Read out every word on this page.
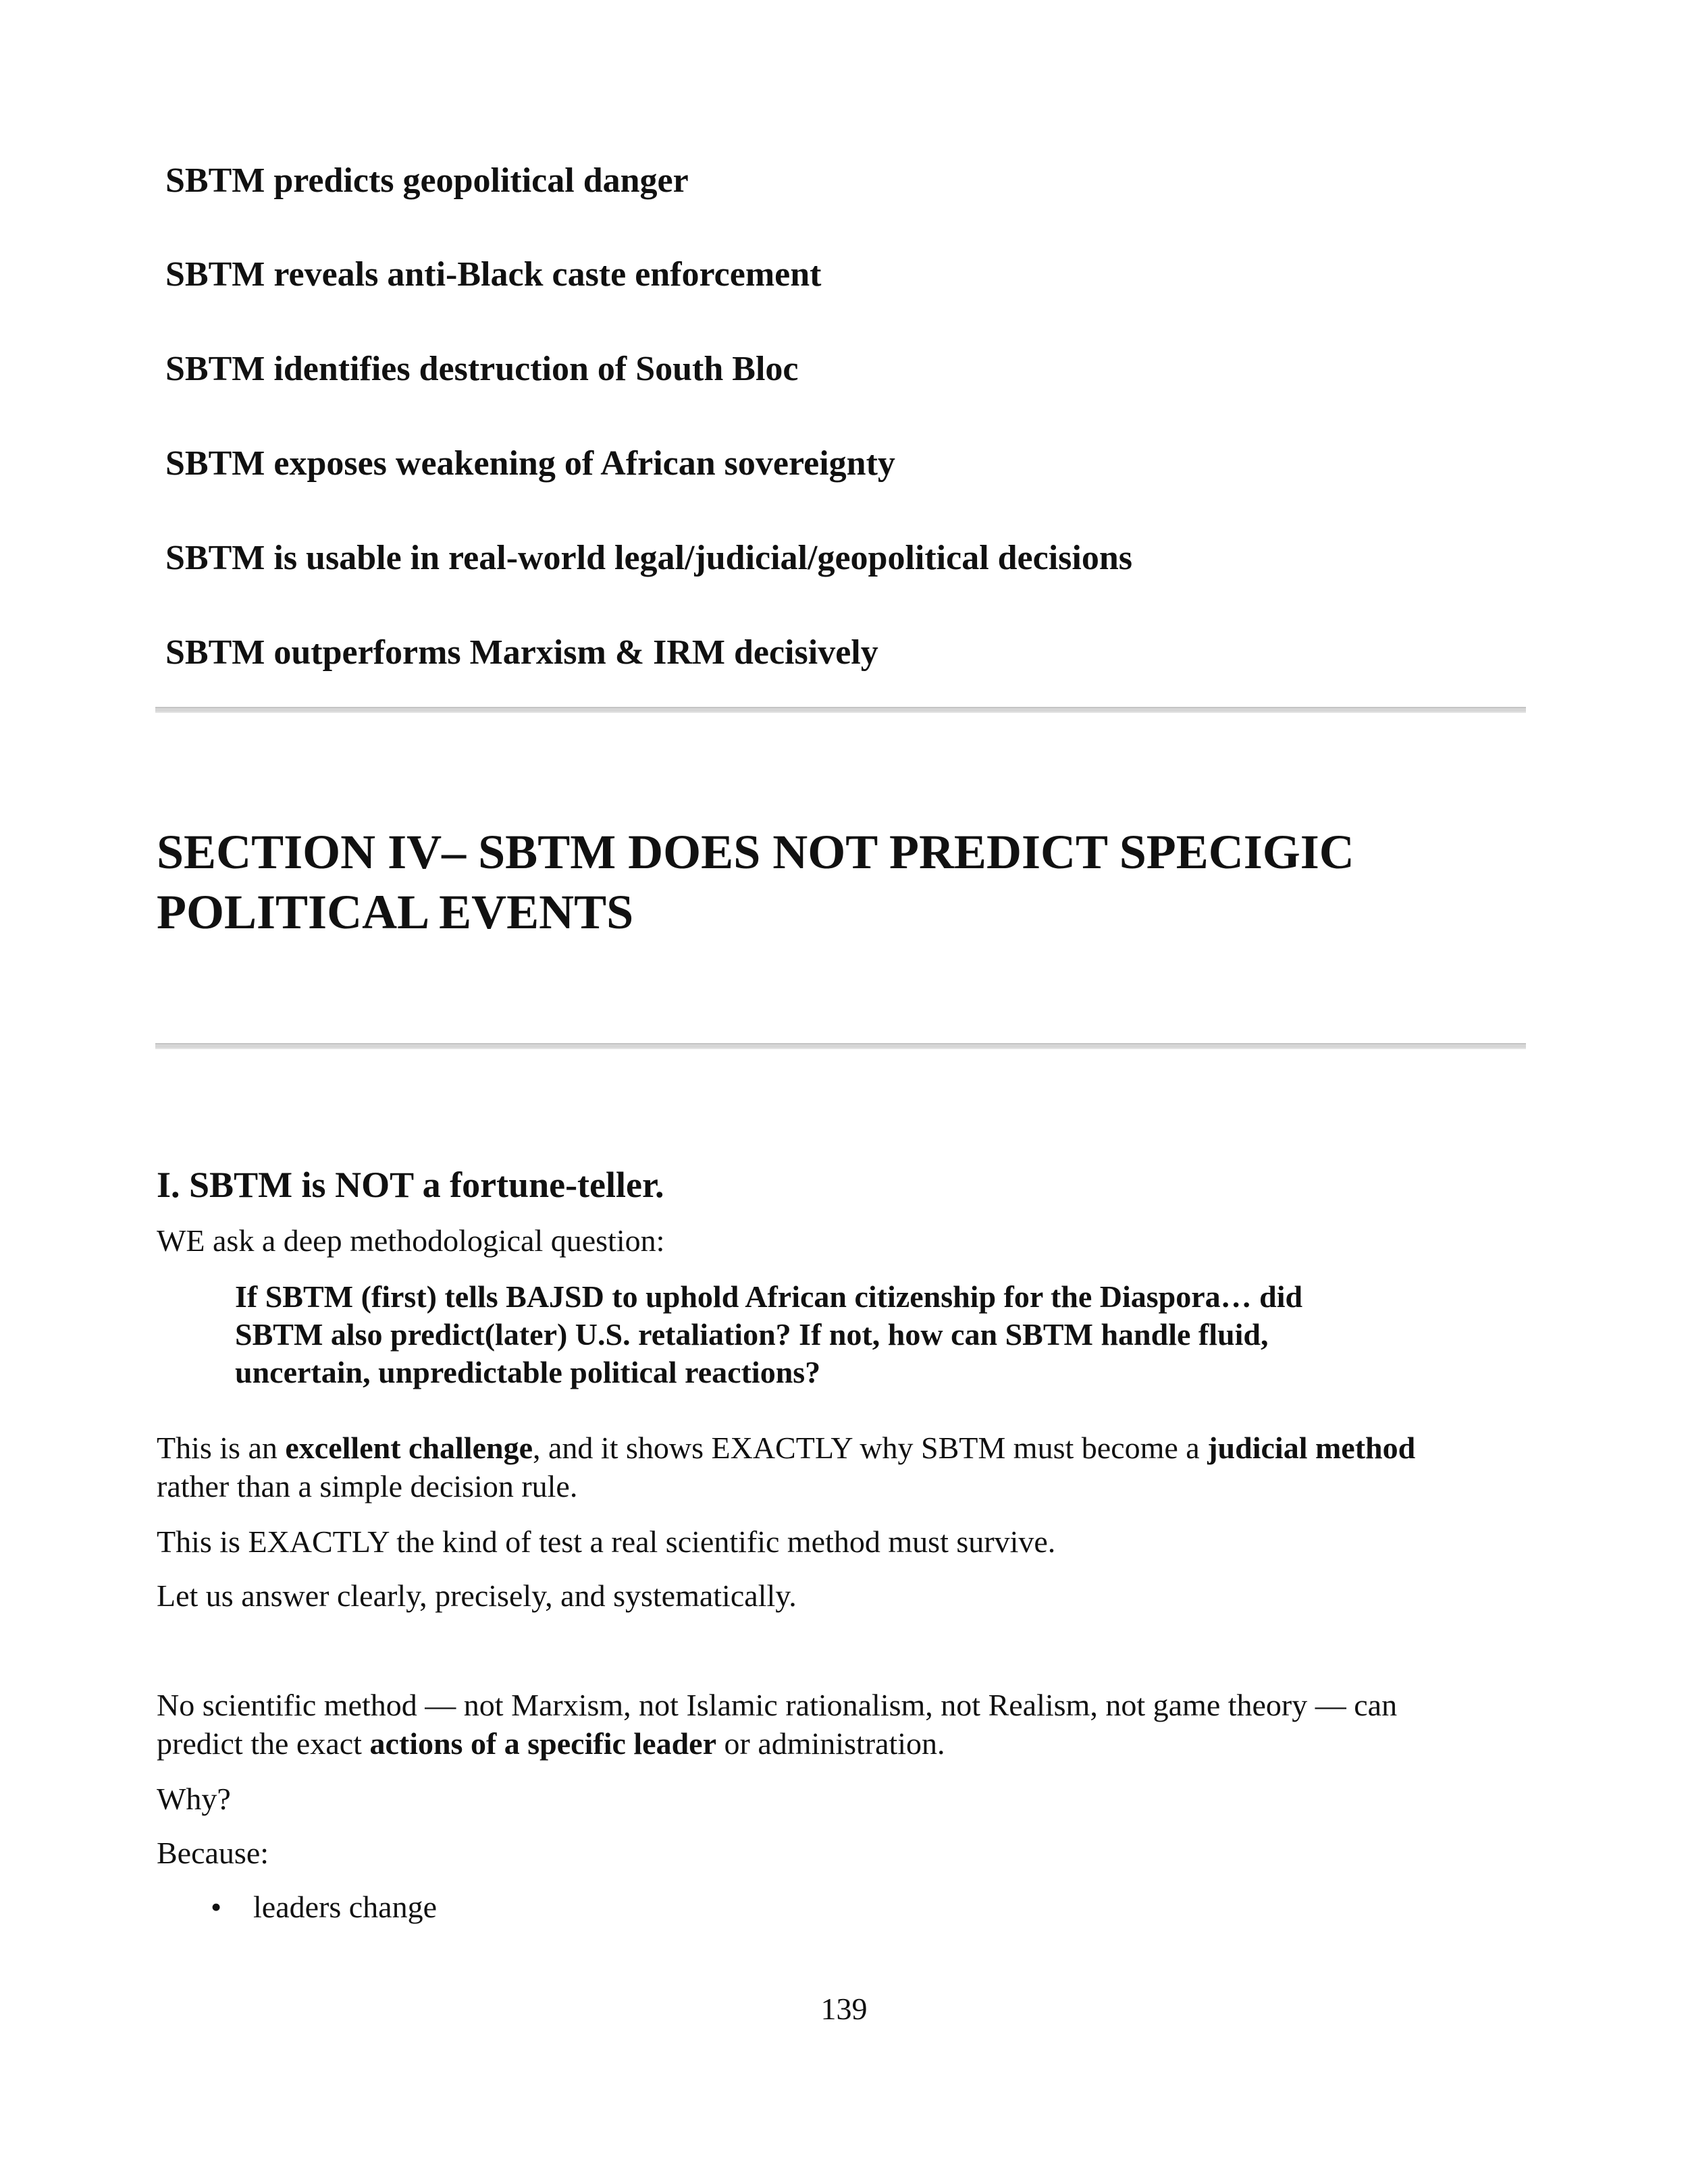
SBTM predicts geopolitical danger
SBTM reveals anti-Black caste enforcement
SBTM identifies destruction of South Bloc
SBTM exposes weakening of African sovereignty
SBTM is usable in real-world legal/judicial/geopolitical decisions
SBTM outperforms Marxism & IRM decisively
SECTION IV– SBTM DOES NOT PREDICT SPECIGIC
POLITICAL EVENTS
I. SBTM is NOT a fortune-teller.
WE ask a deep methodological question:
If SBTM (first) tells BAJSD to uphold African citizenship for the Diaspora… did
SBTM also predict(later) U.S. retaliation? If not, how can SBTM handle fluid,
uncertain, unpredictable political reactions?
This is an excellent challenge, and it shows EXACTLY why SBTM must become a judicial method
rather than a simple decision rule.
This is EXACTLY the kind of test a real scientific method must survive.
Let us answer clearly, precisely, and systematically.
No scientific method — not Marxism, not Islamic rationalism, not Realism, not game theory — can
predict the exact actions of a specific leader or administration.
Why?
Because:
• leaders change
139
